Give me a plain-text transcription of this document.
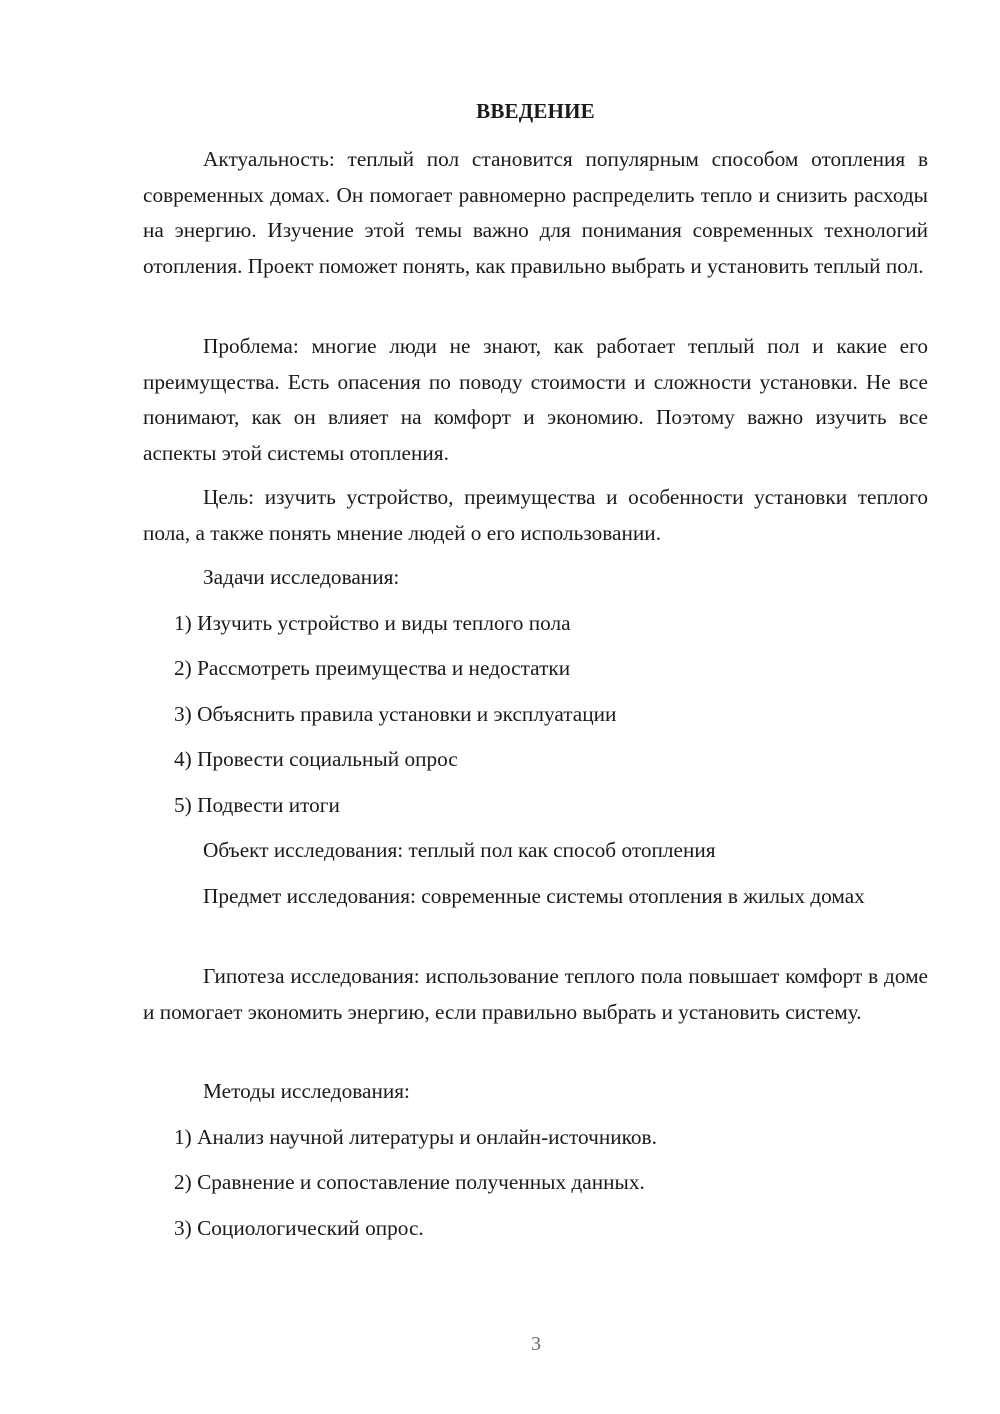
ВВЕДЕНИЕ

Актуальность: теплый пол становится популярным способом отопления в современных домах. Он помогает равномерно распределить тепло и снизить расходы на энергию. Изучение этой темы важно для понимания современных технологий отопления. Проект поможет понять, как правильно выбрать и установить теплый пол.

Проблема: многие люди не знают, как работает теплый пол и какие его преимущества. Есть опасения по поводу стоимости и сложности установки. Не все понимают, как он влияет на комфорт и экономию. Поэтому важно изучить все аспекты этой системы отопления.

Цель: изучить устройство, преимущества и особенности установки теплого пола, а также понять мнение людей о его использовании.

Задачи исследования:
1) Изучить устройство и виды теплого пола
2) Рассмотреть преимущества и недостатки
3) Объяснить правила установки и эксплуатации
4) Провести социальный опрос
5) Подвести итоги
Объект исследования: теплый пол как способ отопления

Предмет исследования: современные системы отопления в жилых домах

Гипотеза исследования: использование теплого пола повышает комфорт в доме и помогает экономить энергию, если правильно выбрать и установить систему.

Методы исследования:
1) Анализ научной литературы и онлайн-источников.
2) Сравнение и сопоставление полученных данных.
3) Социологический опрос.
3
